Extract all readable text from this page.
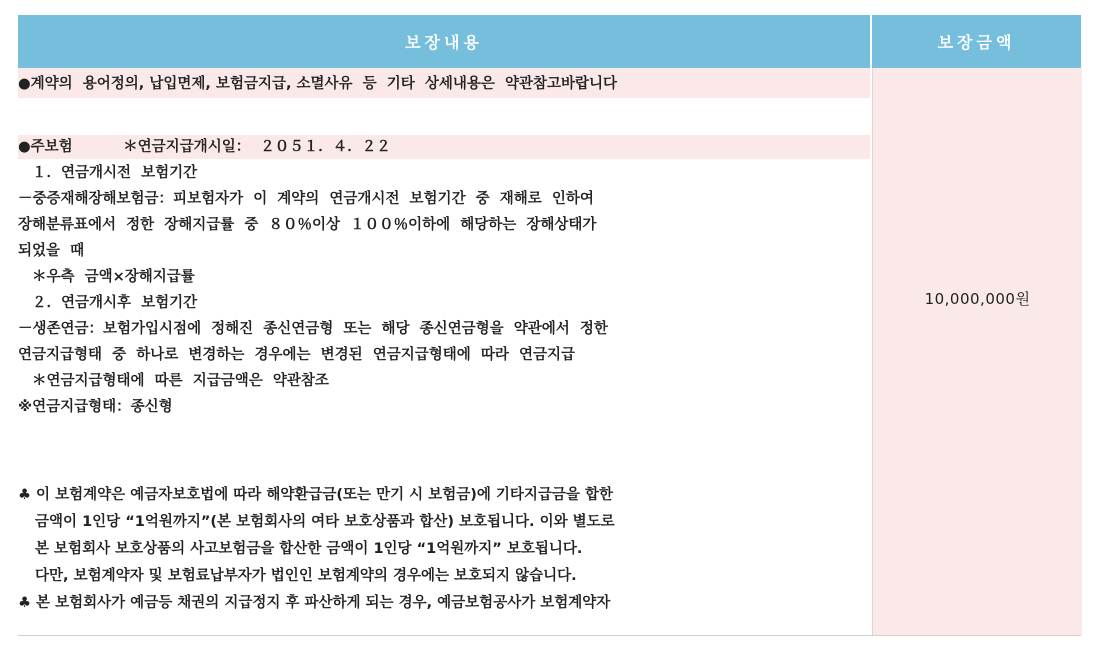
보장내용	보장금액
10,000,000원
●계약의  용어정의, 납입면제, 보험금지급, 소멸사유  등  기타  상세내용은  약관참고바랍니다
●주보험          ＊연금지급개시일：  ２０５１．４．２２
１．연금개시전  보험기간
－중증재해장해보험금：피보험자가  이  계약의  연금개시전  보험기간  중  재해로  인하여
장해분류표에서  정한  장해지급률  중  ８０％이상  １００％이하에  해당하는  장해상태가
되었을  때
＊우측  금액×장해지급률
２．연금개시후  보험기간
－생존연금：보험가입시점에  정해진  종신연금형  또는  해당  종신연금형을  약관에서  정한
연금지급형태  중  하나로  변경하는  경우에는  변경된  연금지급형태에  따라  연금지급
＊연금지급형태에  따른  지급금액은  약관참조
※연금지급형태：종신형
♣ 이 보험계약은 예금자보호법에 따라 해약환급금(또는 만기 시 보험금)에 기타지급금을 합한
금액이 1인당 “1억원까지”(본 보험회사의 여타 보호상품과 합산) 보호됩니다. 이와 별도로
본 보험회사 보호상품의 사고보험금을 합산한 금액이 1인당 “1억원까지” 보호됩니다.
다만, 보험계약자 및 보험료납부자가 법인인 보험계약의 경우에는 보호되지 않습니다.
♣ 본 보험회사가 예금등 채권의 지급정지 후 파산하게 되는 경우, 예금보험공사가 보험계약자
